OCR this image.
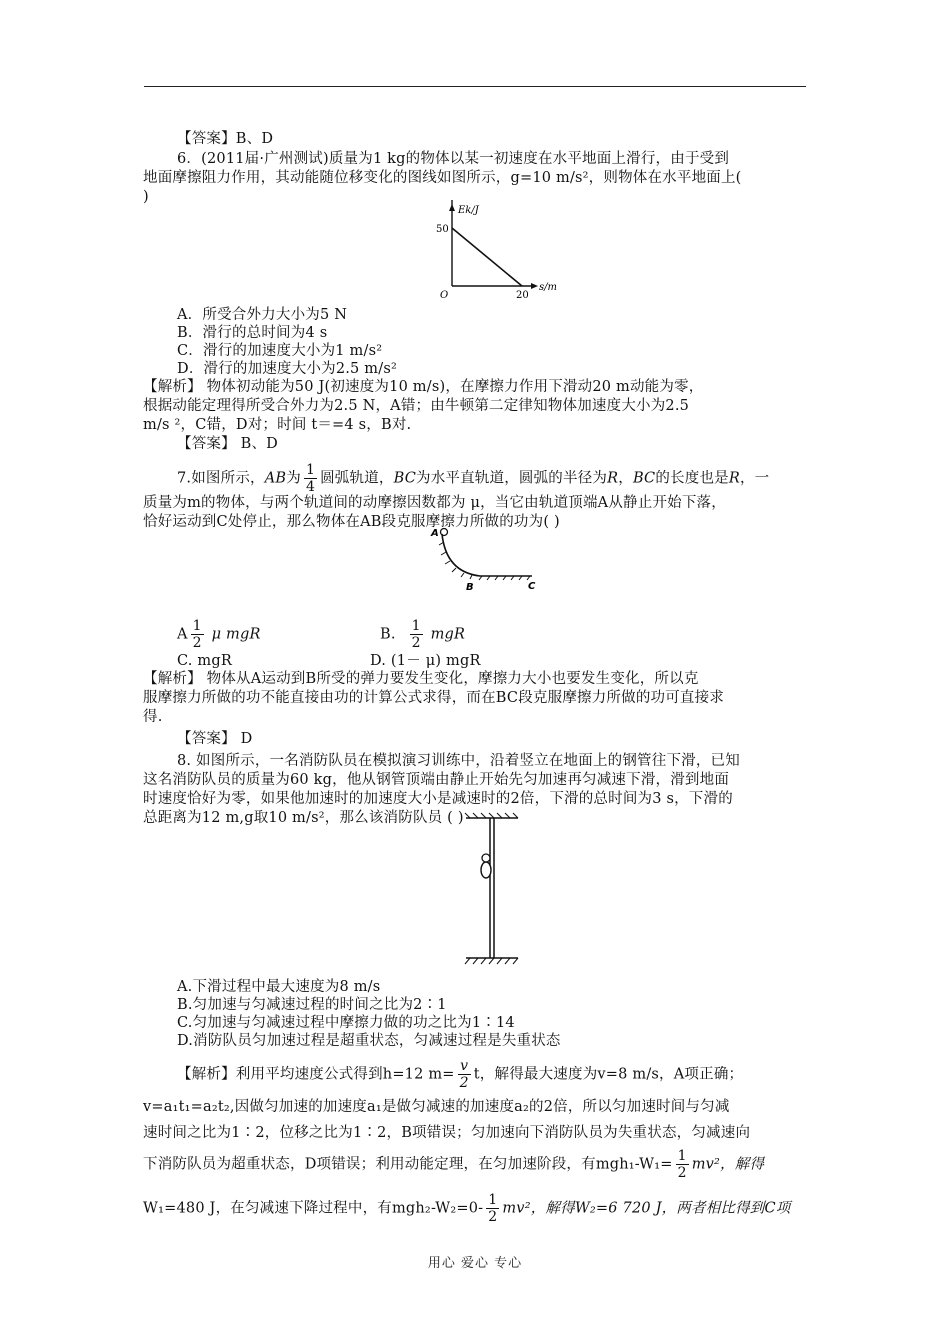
【答案】B、D
6．(2011届·广州测试)质量为1 kg的物体以某一初速度在水平地面上滑行，由于受到
地面摩擦阻力作用，其动能随位移变化的图线如图所示，g=10 m/s²，则物体在水平地面上(
)
Ek/J
s/m
O
50
20
A．所受合外力大小为5 N
B．滑行的总时间为4 s
C．滑行的加速度大小为1 m/s²
D．滑行的加速度大小为2.5 m/s²
【解析】 物体初动能为50 J(初速度为10 m/s)，在摩擦力作用下滑动20 m动能为零，
根据动能定理得所受合外力为2.5 N，A错；由牛顿第二定律知物体加速度大小为2.5
m/s ²，C错，D对；时间 t＝=4 s，B对.
【答案】 B、D
7.如图所示，AB为 $\frac{1}{4}$ 圆弧轨道，BC为水平直轨道，圆弧的半径为R，BC的长度也是R，一
质量为m的物体，与两个轨道间的动摩擦因数都为 μ，当它由轨道顶端A从静止开始下落，
恰好运动到C处停止，那么物体在AB段克服摩擦力所做的功为( )
A
B	C
A $\frac{1}{2}$ μ mgR	B. $\frac{1}{2}$ mgR
C. mgR	D. (1－ μ) mgR
【解析】 物体从A运动到B所受的弹力要发生变化，摩擦力大小也要发生变化，所以克
服摩擦力所做的功不能直接由功的计算公式求得，而在BC段克服摩擦力所做的功可直接求
得.
【答案】 D
8. 如图所示，一名消防队员在模拟演习训练中，沿着竖立在地面上的钢管往下滑，已知
这名消防队员的质量为60 kg，他从钢管顶端由静止开始先匀加速再匀减速下滑，滑到地面
时速度恰好为零，如果他加速时的加速度大小是减速时的2倍，下滑的总时间为3 s，下滑的
总距离为12 m,g取10 m/s²，那么该消防队员 ( )
A.下滑过程中最大速度为8 m/s
B.匀加速与匀减速过程的时间之比为2∶1
C.匀加速与匀减速过程中摩擦力做的功之比为1∶14
D.消防队员匀加速过程是超重状态，匀减速过程是失重状态
【解析】利用平均速度公式得到h=12 $m= \frac{v}{2}$ t，解得最大速度为v=8 m/s，A项正确；
v=a₁t₁=a₂t₂,因做匀加速的加速度a₁是做匀减速的加速度a₂的2倍，所以匀加速时间与匀减
速时间之比为1∶2，位移之比为1∶2，B项错误；匀加速向下消防队员为失重状态，匀减速向
下消防队员为超重状态，D项错误；利用动能定理，在匀加速阶段，有$mgh_1-W_1= \frac{1}{2} mv^2$，解得
W₁=480 J，在匀减速下降过程中，有$mgh_2-W_2=0- \frac{1}{2} mv^2$，解得W₂=6 720 J，两者相比得到C项
用心 爱心 专心
